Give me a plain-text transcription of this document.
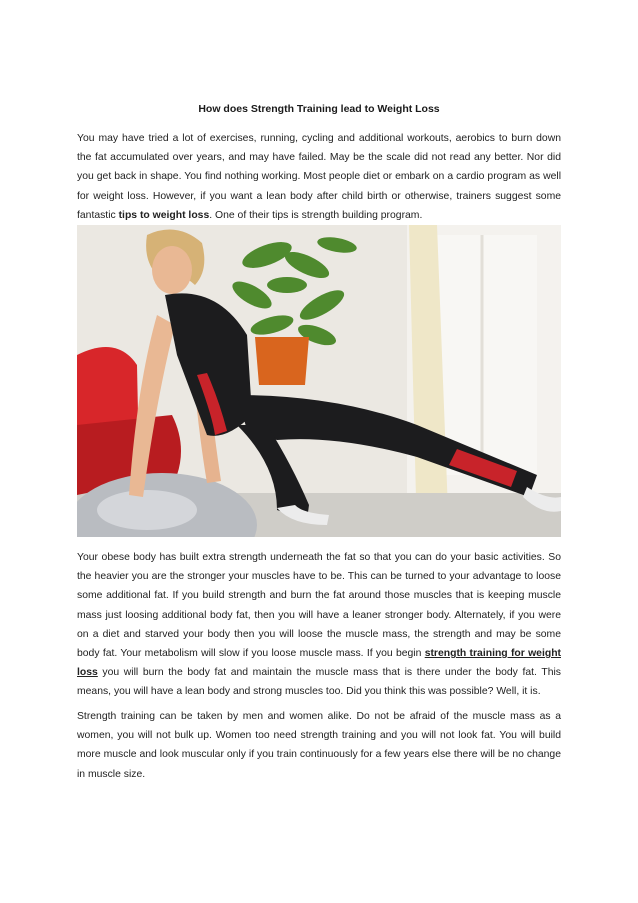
How does Strength Training lead to Weight Loss

You may have tried a lot of exercises, running, cycling and additional workouts, aerobics to burn down the fat accumulated over years, and may have failed. May be the scale did not read any better. Nor did you get back in shape. You find nothing working. Most people diet or embark on a cardio program as well for weight loss. However, if you want a lean body after child birth or otherwise, trainers suggest some fantastic tips to weight loss. One of their tips is strength building program.

Your obese body has built extra strength underneath the fat so that you can do your basic activities. So the heavier you are the stronger your muscles have to be. This can be turned to your advantage to loose some additional fat. If you build strength and burn the fat around those muscles that is keeping muscle mass just loosing additional body fat, then you will have a leaner stronger body. Alternately, if you were on a diet and starved your body then you will loose the muscle mass, the strength and may be some body fat. Your metabolism will slow if you loose muscle mass. If you begin strength training for weight loss you will burn the body fat and maintain the muscle mass that is there under the body fat. This means, you will have a lean body and strong muscles too. Did you think this was possible? Well, it is.

Strength training can be taken by men and women alike. Do not be afraid of the muscle mass as a women, you will not bulk up. Women too need strength training and you will not look fat. You will build more muscle and look muscular only if you train continuously for a few years else there will be no change in muscle size.
